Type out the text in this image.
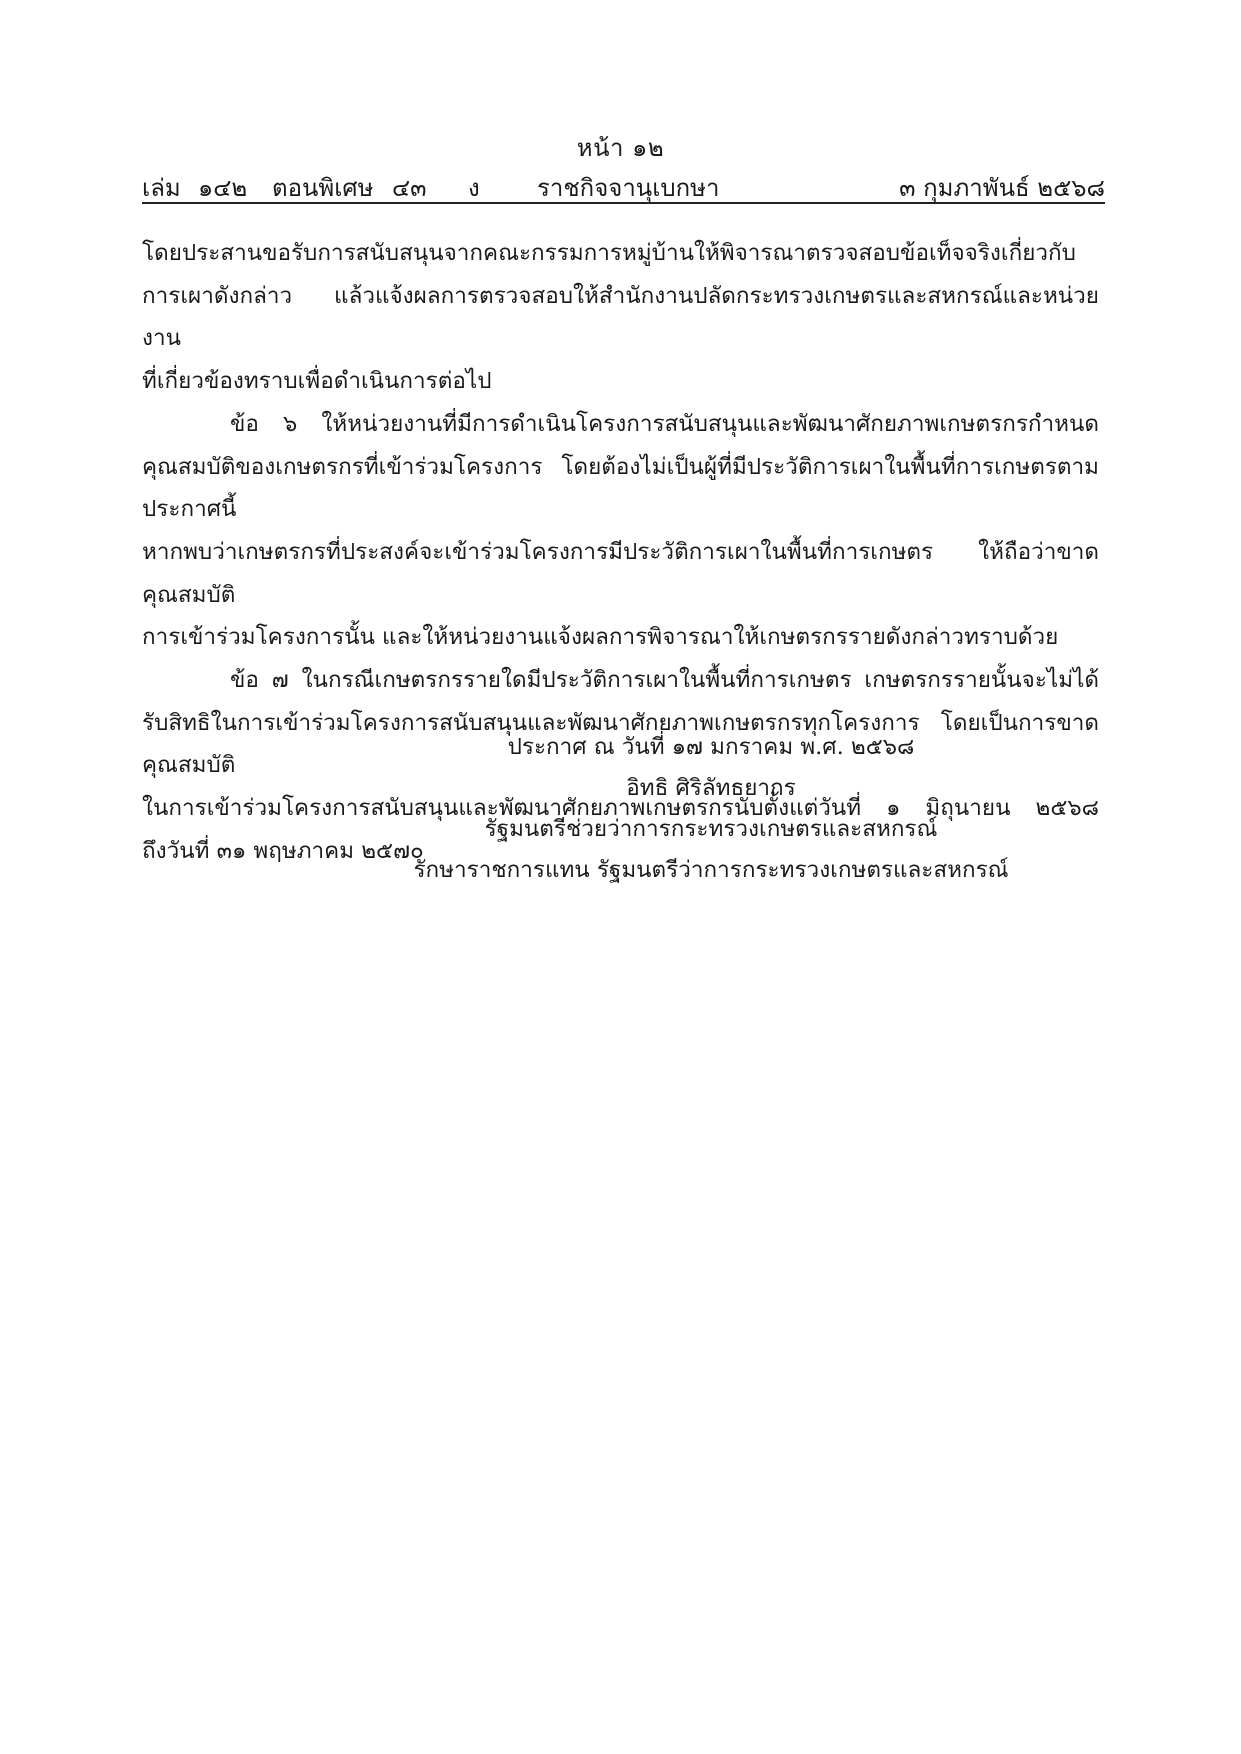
หน้า ๑๒
เล่ม ๑๔๒ ตอนพิเศษ ๔๓ ง ราชกิจจานุเบกษา	๓ กุมภาพันธ์ ๒๕๖๘
โดยประสานขอรับการสนับสนุนจากคณะกรรมการหมู่บ้านให้พิจารณาตรวจสอบข้อเท็จจริงเกี่ยวกับ
การเผาดังกล่าว แล้วแจ้งผลการตรวจสอบให้สำนักงานปลัดกระทรวงเกษตรและสหกรณ์และหน่วยงาน
ที่เกี่ยวข้องทราบเพื่อดำเนินการต่อไป
ข้อ ๖ ให้หน่วยงานที่มีการดำเนินโครงการสนับสนุนและพัฒนาศักยภาพเกษตรกรกำหนด
คุณสมบัติของเกษตรกรที่เข้าร่วมโครงการ โดยต้องไม่เป็นผู้ที่มีประวัติการเผาในพื้นที่การเกษตรตามประกาศนี้
หากพบว่าเกษตรกรที่ประสงค์จะเข้าร่วมโครงการมีประวัติการเผาในพื้นที่การเกษตร ให้ถือว่าขาดคุณสมบัติ
การเข้าร่วมโครงการนั้น และให้หน่วยงานแจ้งผลการพิจารณาให้เกษตรกรรายดังกล่าวทราบด้วย
ข้อ ๗ ในกรณีเกษตรกรรายใดมีประวัติการเผาในพื้นที่การเกษตร เกษตรกรรายนั้นจะไม่ได้
รับสิทธิในการเข้าร่วมโครงการสนับสนุนและพัฒนาศักยภาพเกษตรกรทุกโครงการ โดยเป็นการขาดคุณสมบัติ
ในการเข้าร่วมโครงการสนับสนุนและพัฒนาศักยภาพเกษตรกรนับตั้งแต่วันที่ ๑ มิถุนายน ๒๕๖๘
ถึงวันที่ ๓๑ พฤษภาคม ๒๕๗๐
ประกาศ ณ วันที่ ๑๗ มกราคม พ.ศ. ๒๕๖๘
อิทธิ ศิริลัทธยากร
รัฐมนตรีช่วยว่าการกระทรวงเกษตรและสหกรณ์
รักษาราชการแทน รัฐมนตรีว่าการกระทรวงเกษตรและสหกรณ์
